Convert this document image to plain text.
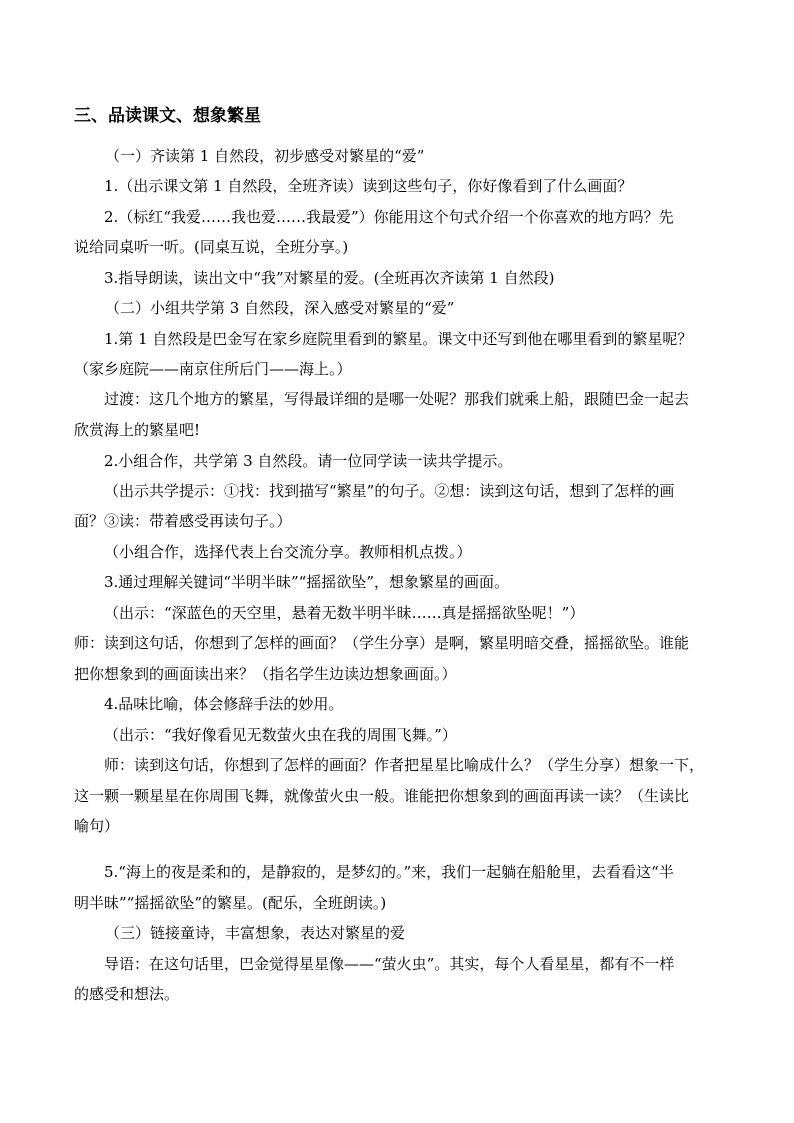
三、品读课文、想象繁星
（一）齐读第 1 自然段，初步感受对繁星的“爱”
1.（出示课文第 1 自然段，全班齐读）读到这些句子，你好像看到了什么画面？
2.（标红“我爱……我也爱……我最爱”）你能用这个句式介绍一个你喜欢的地方吗？先
说给同桌听一听。(同桌互说，全班分享。)
3.指导朗读，读出文中“我”对繁星的爱。(全班再次齐读第 1 自然段)
（二）小组共学第 3 自然段，深入感受对繁星的“爱”
1.第 1 自然段是巴金写在家乡庭院里看到的繁星。课文中还写到他在哪里看到的繁星呢？
（家乡庭院——南京住所后门——海上。）
过渡：这几个地方的繁星，写得最详细的是哪一处呢？那我们就乘上船，跟随巴金一起去
欣赏海上的繁星吧!
2.小组合作，共学第 3 自然段。请一位同学读一读共学提示。
（出示共学提示：①找：找到描写“繁星”的句子。②想：读到这句话，想到了怎样的画
面？③读：带着感受再读句子。）
（小组合作，选择代表上台交流分享。教师相机点拨。）
3.通过理解关键词“半明半昧”“摇摇欲坠”，想象繁星的画面。
（出示：“深蓝色的天空里，悬着无数半明半昧……真是摇摇欲坠呢！”）
师：读到这句话，你想到了怎样的画面？（学生分享）是啊，繁星明暗交叠，摇摇欲坠。谁能
把你想象到的画面读出来？（指名学生边读边想象画面。）
4.品味比喻，体会修辞手法的妙用。
（出示：“我好像看见无数萤火虫在我的周围飞舞。”）
师：读到这句话，你想到了怎样的画面？作者把星星比喻成什么？（学生分享）想象一下，
这一颗一颗星星在你周围飞舞，就像萤火虫一般。谁能把你想象到的画面再读一读？（生读比
喻句）
5.“海上的夜是柔和的，是静寂的，是梦幻的。”来，我们一起躺在船舱里，去看看这“半
明半昧”“摇摇欲坠”的繁星。(配乐，全班朗读。)
（三）链接童诗，丰富想象，表达对繁星的爱
导语：在这句话里，巴金觉得星星像——“萤火虫”。其实，每个人看星星，都有不一样
的感受和想法。
